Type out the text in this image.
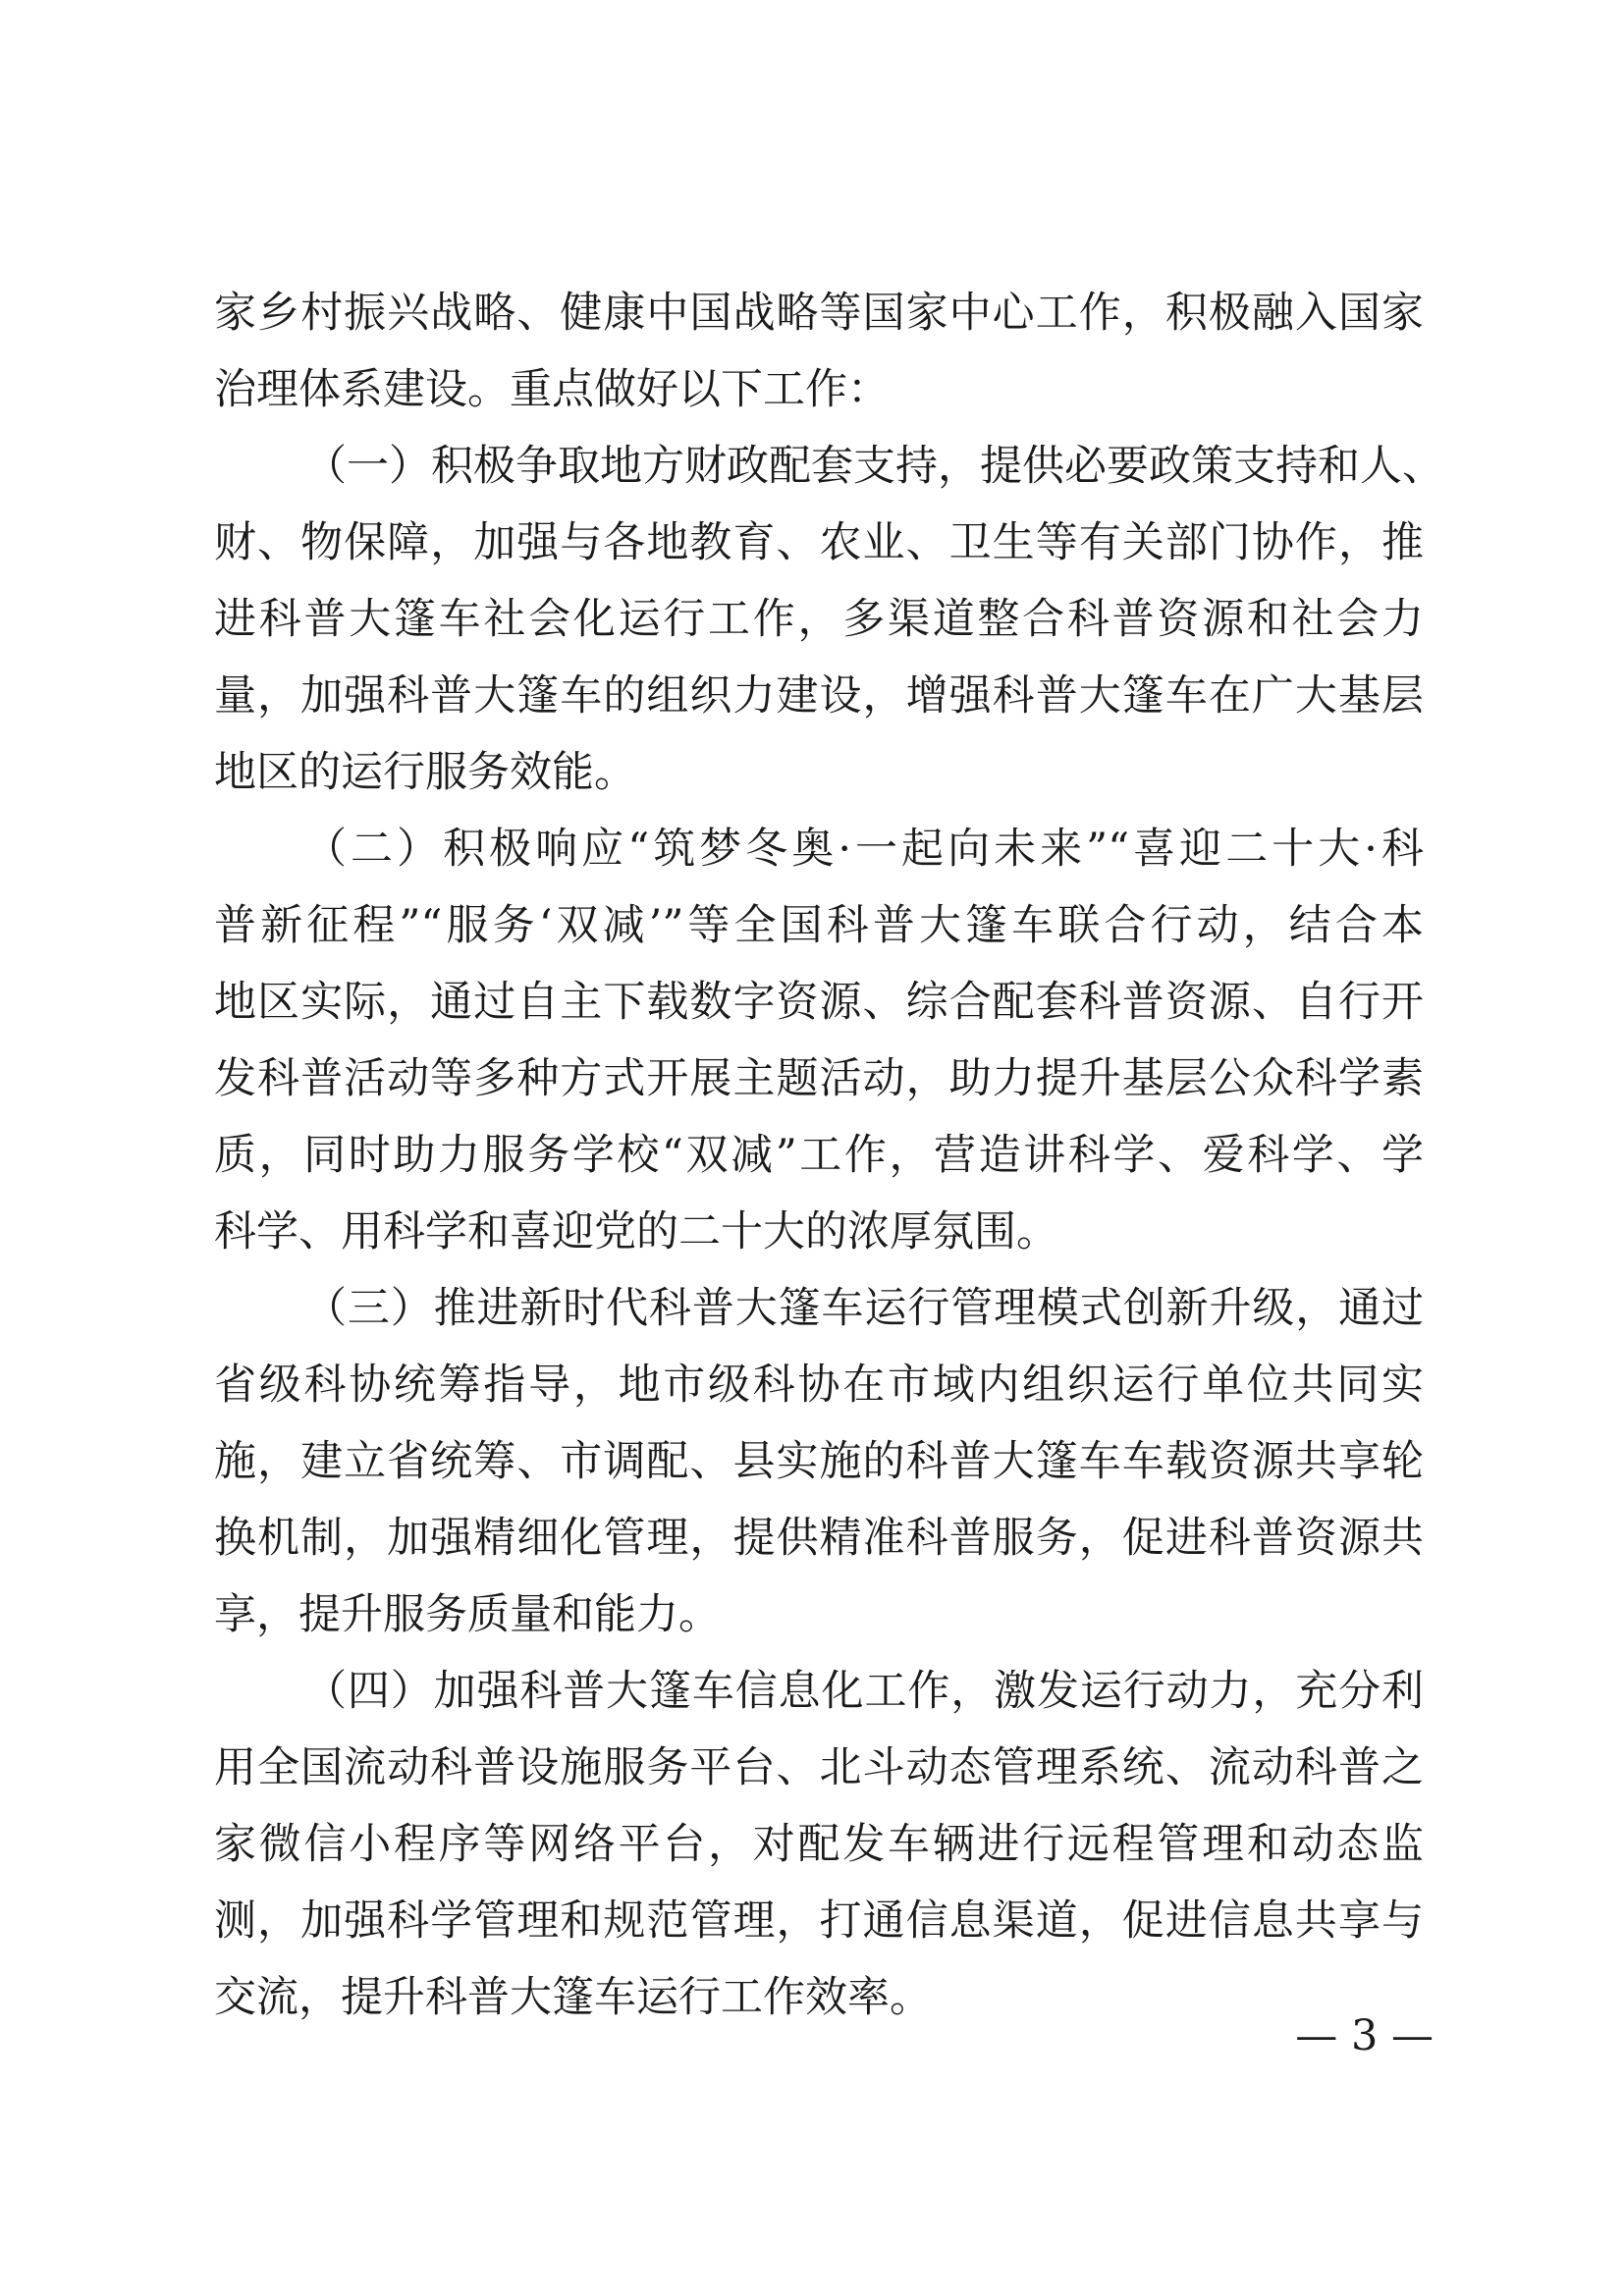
家乡村振兴战略、健康中国战略等国家中心工作，积极融入国家
治理体系建设。重点做好以下工作：
（一）积极争取地方财政配套支持，提供必要政策支持和人、
财、物保障，加强与各地教育、农业、卫生等有关部门协作，推
进科普大篷车社会化运行工作，多渠道整合科普资源和社会力
量，加强科普大篷车的组织力建设，增强科普大篷车在广大基层
地区的运行服务效能。
（二）积极响应“筑梦冬奥·一起向未来”“喜迎二十大·科
普新征程”“服务‘双减’”等全国科普大篷车联合行动，结合本
地区实际，通过自主下载数字资源、综合配套科普资源、自行开
发科普活动等多种方式开展主题活动，助力提升基层公众科学素
质，同时助力服务学校“双减”工作，营造讲科学、爱科学、学
科学、用科学和喜迎党的二十大的浓厚氛围。
（三）推进新时代科普大篷车运行管理模式创新升级，通过
省级科协统筹指导，地市级科协在市域内组织运行单位共同实
施，建立省统筹、市调配、县实施的科普大篷车车载资源共享轮
换机制，加强精细化管理，提供精准科普服务，促进科普资源共
享，提升服务质量和能力。
（四）加强科普大篷车信息化工作，激发运行动力，充分利
用全国流动科普设施服务平台、北斗动态管理系统、流动科普之
家微信小程序等网络平台，对配发车辆进行远程管理和动态监
测，加强科学管理和规范管理，打通信息渠道，促进信息共享与
交流，提升科普大篷车运行工作效率。
— 3 —
